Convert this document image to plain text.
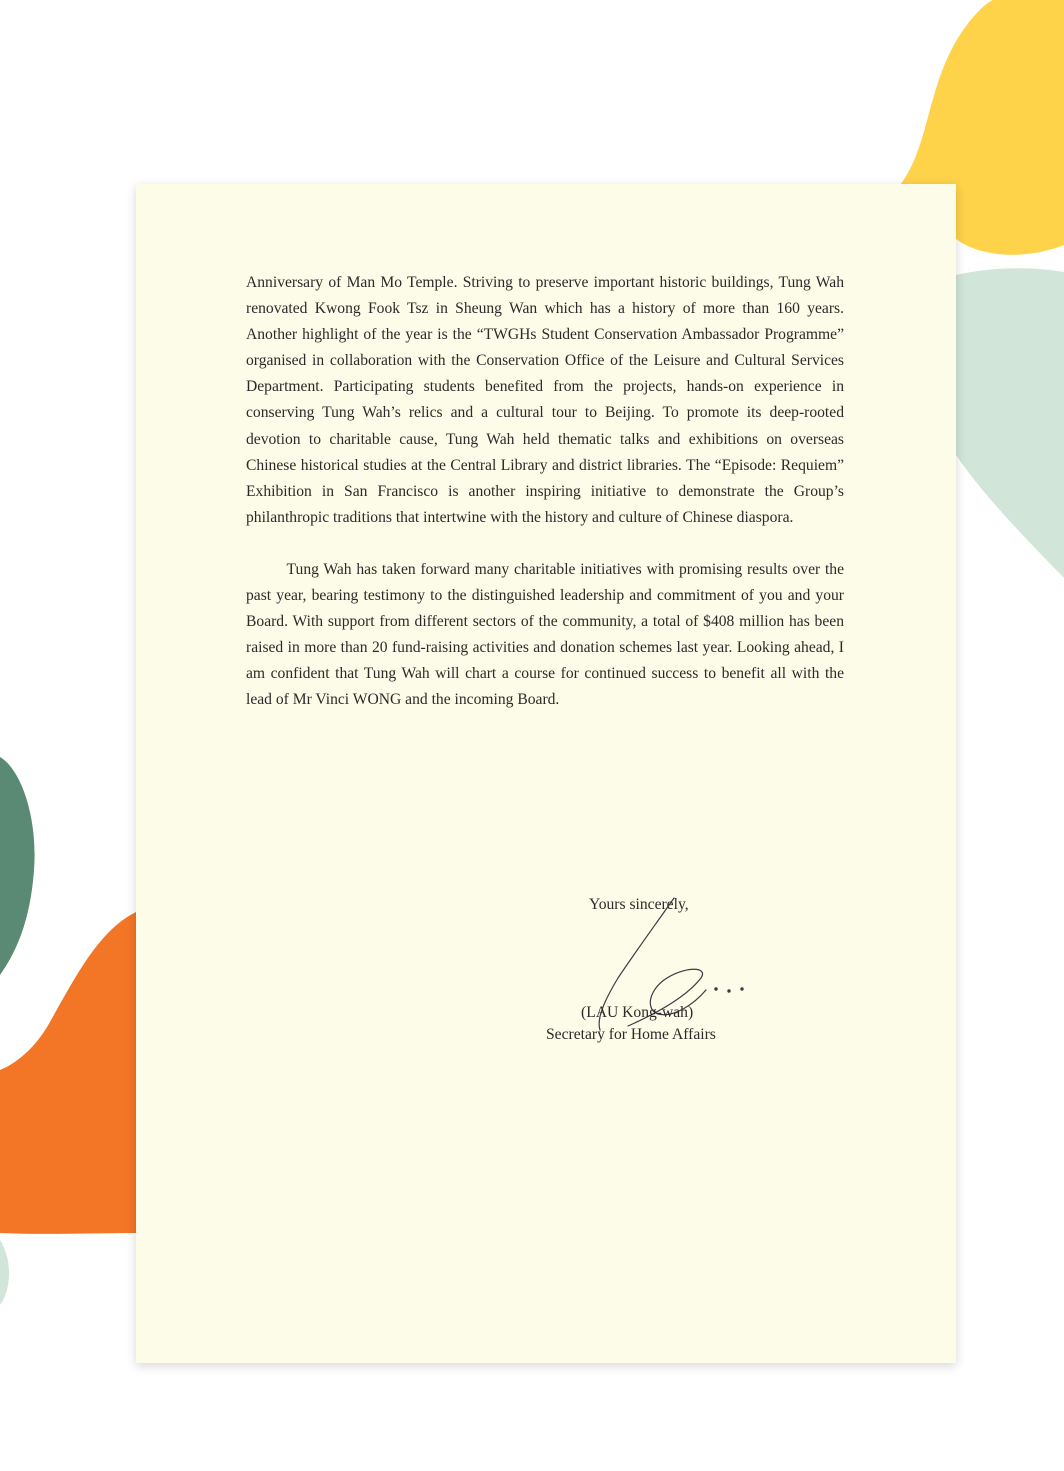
Anniversary of Man Mo Temple. Striving to preserve important historic buildings, Tung Wah renovated Kwong Fook Tsz in Sheung Wan which has a history of more than 160 years. Another highlight of the year is the “TWGHs Student Conservation Ambassador Programme” organised in collaboration with the Conservation Office of the Leisure and Cultural Services Department. Participating students benefited from the projects, hands-on experience in conserving Tung Wah’s relics and a cultural tour to Beijing. To promote its deep-rooted devotion to charitable cause, Tung Wah held thematic talks and exhibitions on overseas Chinese historical studies at the Central Library and district libraries. The “Episode: Requiem” Exhibition in San Francisco is another inspiring initiative to demonstrate the Group’s philanthropic traditions that intertwine with the history and culture of Chinese diaspora.

Tung Wah has taken forward many charitable initiatives with promising results over the past year, bearing testimony to the distinguished leadership and commitment of you and your Board. With support from different sectors of the community, a total of $408 million has been raised in more than 20 fund-raising activities and donation schemes last year. Looking ahead, I am confident that Tung Wah will chart a course for continued success to benefit all with the lead of Mr Vinci WONG and the incoming Board.

Yours sincerely,

(LAU Kong-wah)

Secretary for Home Affairs
